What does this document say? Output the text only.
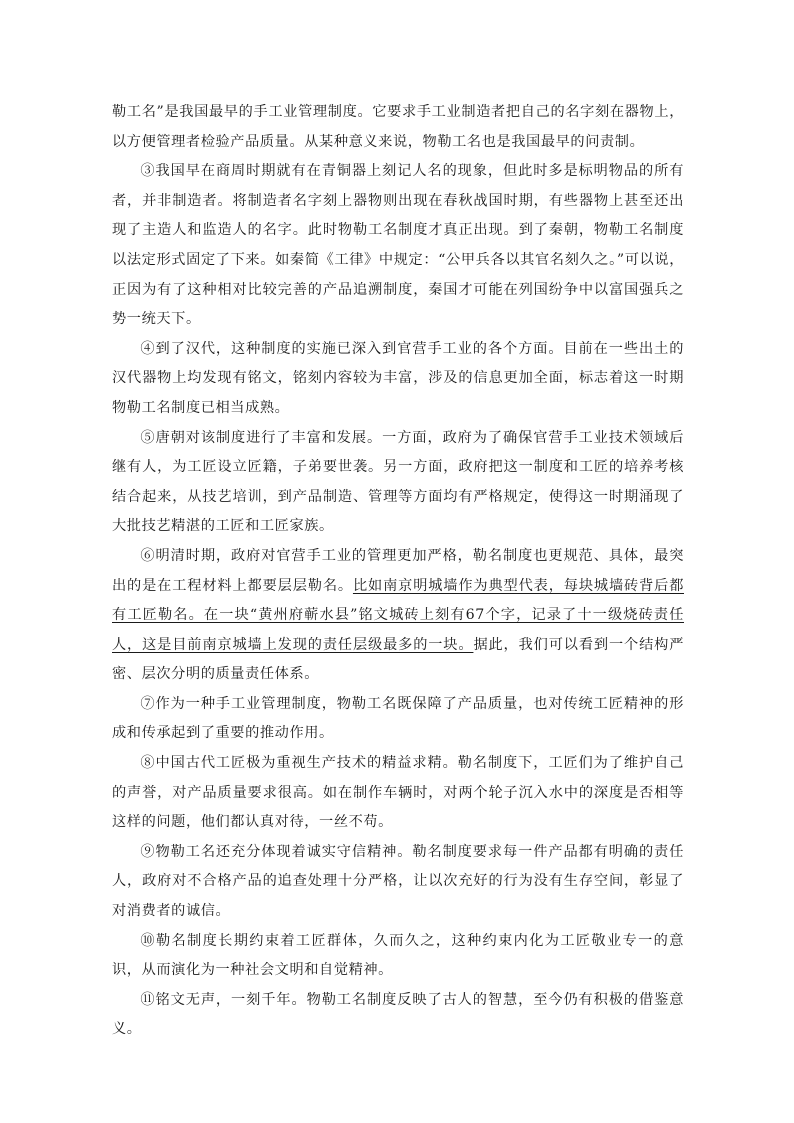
勒工名”是我国最早的手工业管理制度。它要求手工业制造者把自己的名字刻在器物上，以方便管理者检验产品质量。从某种意义来说，物勒工名也是我国最早的问责制。

③我国早在商周时期就有在青铜器上刻记人名的现象，但此时多是标明物品的所有者，并非制造者。将制造者名字刻上器物则出现在春秋战国时期，有些器物上甚至还出现了主造人和监造人的名字。此时物勒工名制度才真正出现。到了秦朝，物勒工名制度以法定形式固定了下来。如秦简《工律》中规定：“公甲兵各以其官名刻久之。”可以说，正因为有了这种相对比较完善的产品追溯制度，秦国才可能在列国纷争中以富国强兵之势一统天下。

④到了汉代，这种制度的实施已深入到官营手工业的各个方面。目前在一些出土的汉代器物上均发现有铭文，铭刻内容较为丰富，涉及的信息更加全面，标志着这一时期物勒工名制度已相当成熟。

⑤唐朝对该制度进行了丰富和发展。一方面，政府为了确保官营手工业技术领域后继有人，为工匠设立匠籍，子弟要世袭。另一方面，政府把这一制度和工匠的培养考核结合起来，从技艺培训，到产品制造、管理等方面均有严格规定，使得这一时期涌现了大批技艺精湛的工匠和工匠家族。

⑥明清时期，政府对官营手工业的管理更加严格，勒名制度也更规范、具体，最突出的是在工程材料上都要层层勒名。比如南京明城墙作为典型代表，每块城墙砖背后都有工匠勒名。在一块“黄州府蕲水县”铭文城砖上刻有67个字，记录了十一级烧砖责任人，这是目前南京城墙上发现的责任层级最多的一块。据此，我们可以看到一个结构严密、层次分明的质量责任体系。

⑦作为一种手工业管理制度，物勒工名既保障了产品质量，也对传统工匠精神的形成和传承起到了重要的推动作用。

⑧中国古代工匠极为重视生产技术的精益求精。勒名制度下，工匠们为了维护自己的声誉，对产品质量要求很高。如在制作车辆时，对两个轮子沉入水中的深度是否相等这样的问题，他们都认真对待，一丝不苟。

⑨物勒工名还充分体现着诚实守信精神。勒名制度要求每一件产品都有明确的责任人，政府对不合格产品的追查处理十分严格，让以次充好的行为没有生存空间，彰显了对消费者的诚信。

⑩勒名制度长期约束着工匠群体，久而久之，这种约束内化为工匠敬业专一的意识，从而演化为一种社会文明和自觉精神。

⑪铭文无声，一刻千年。物勒工名制度反映了古人的智慧，至今仍有积极的借鉴意义。
